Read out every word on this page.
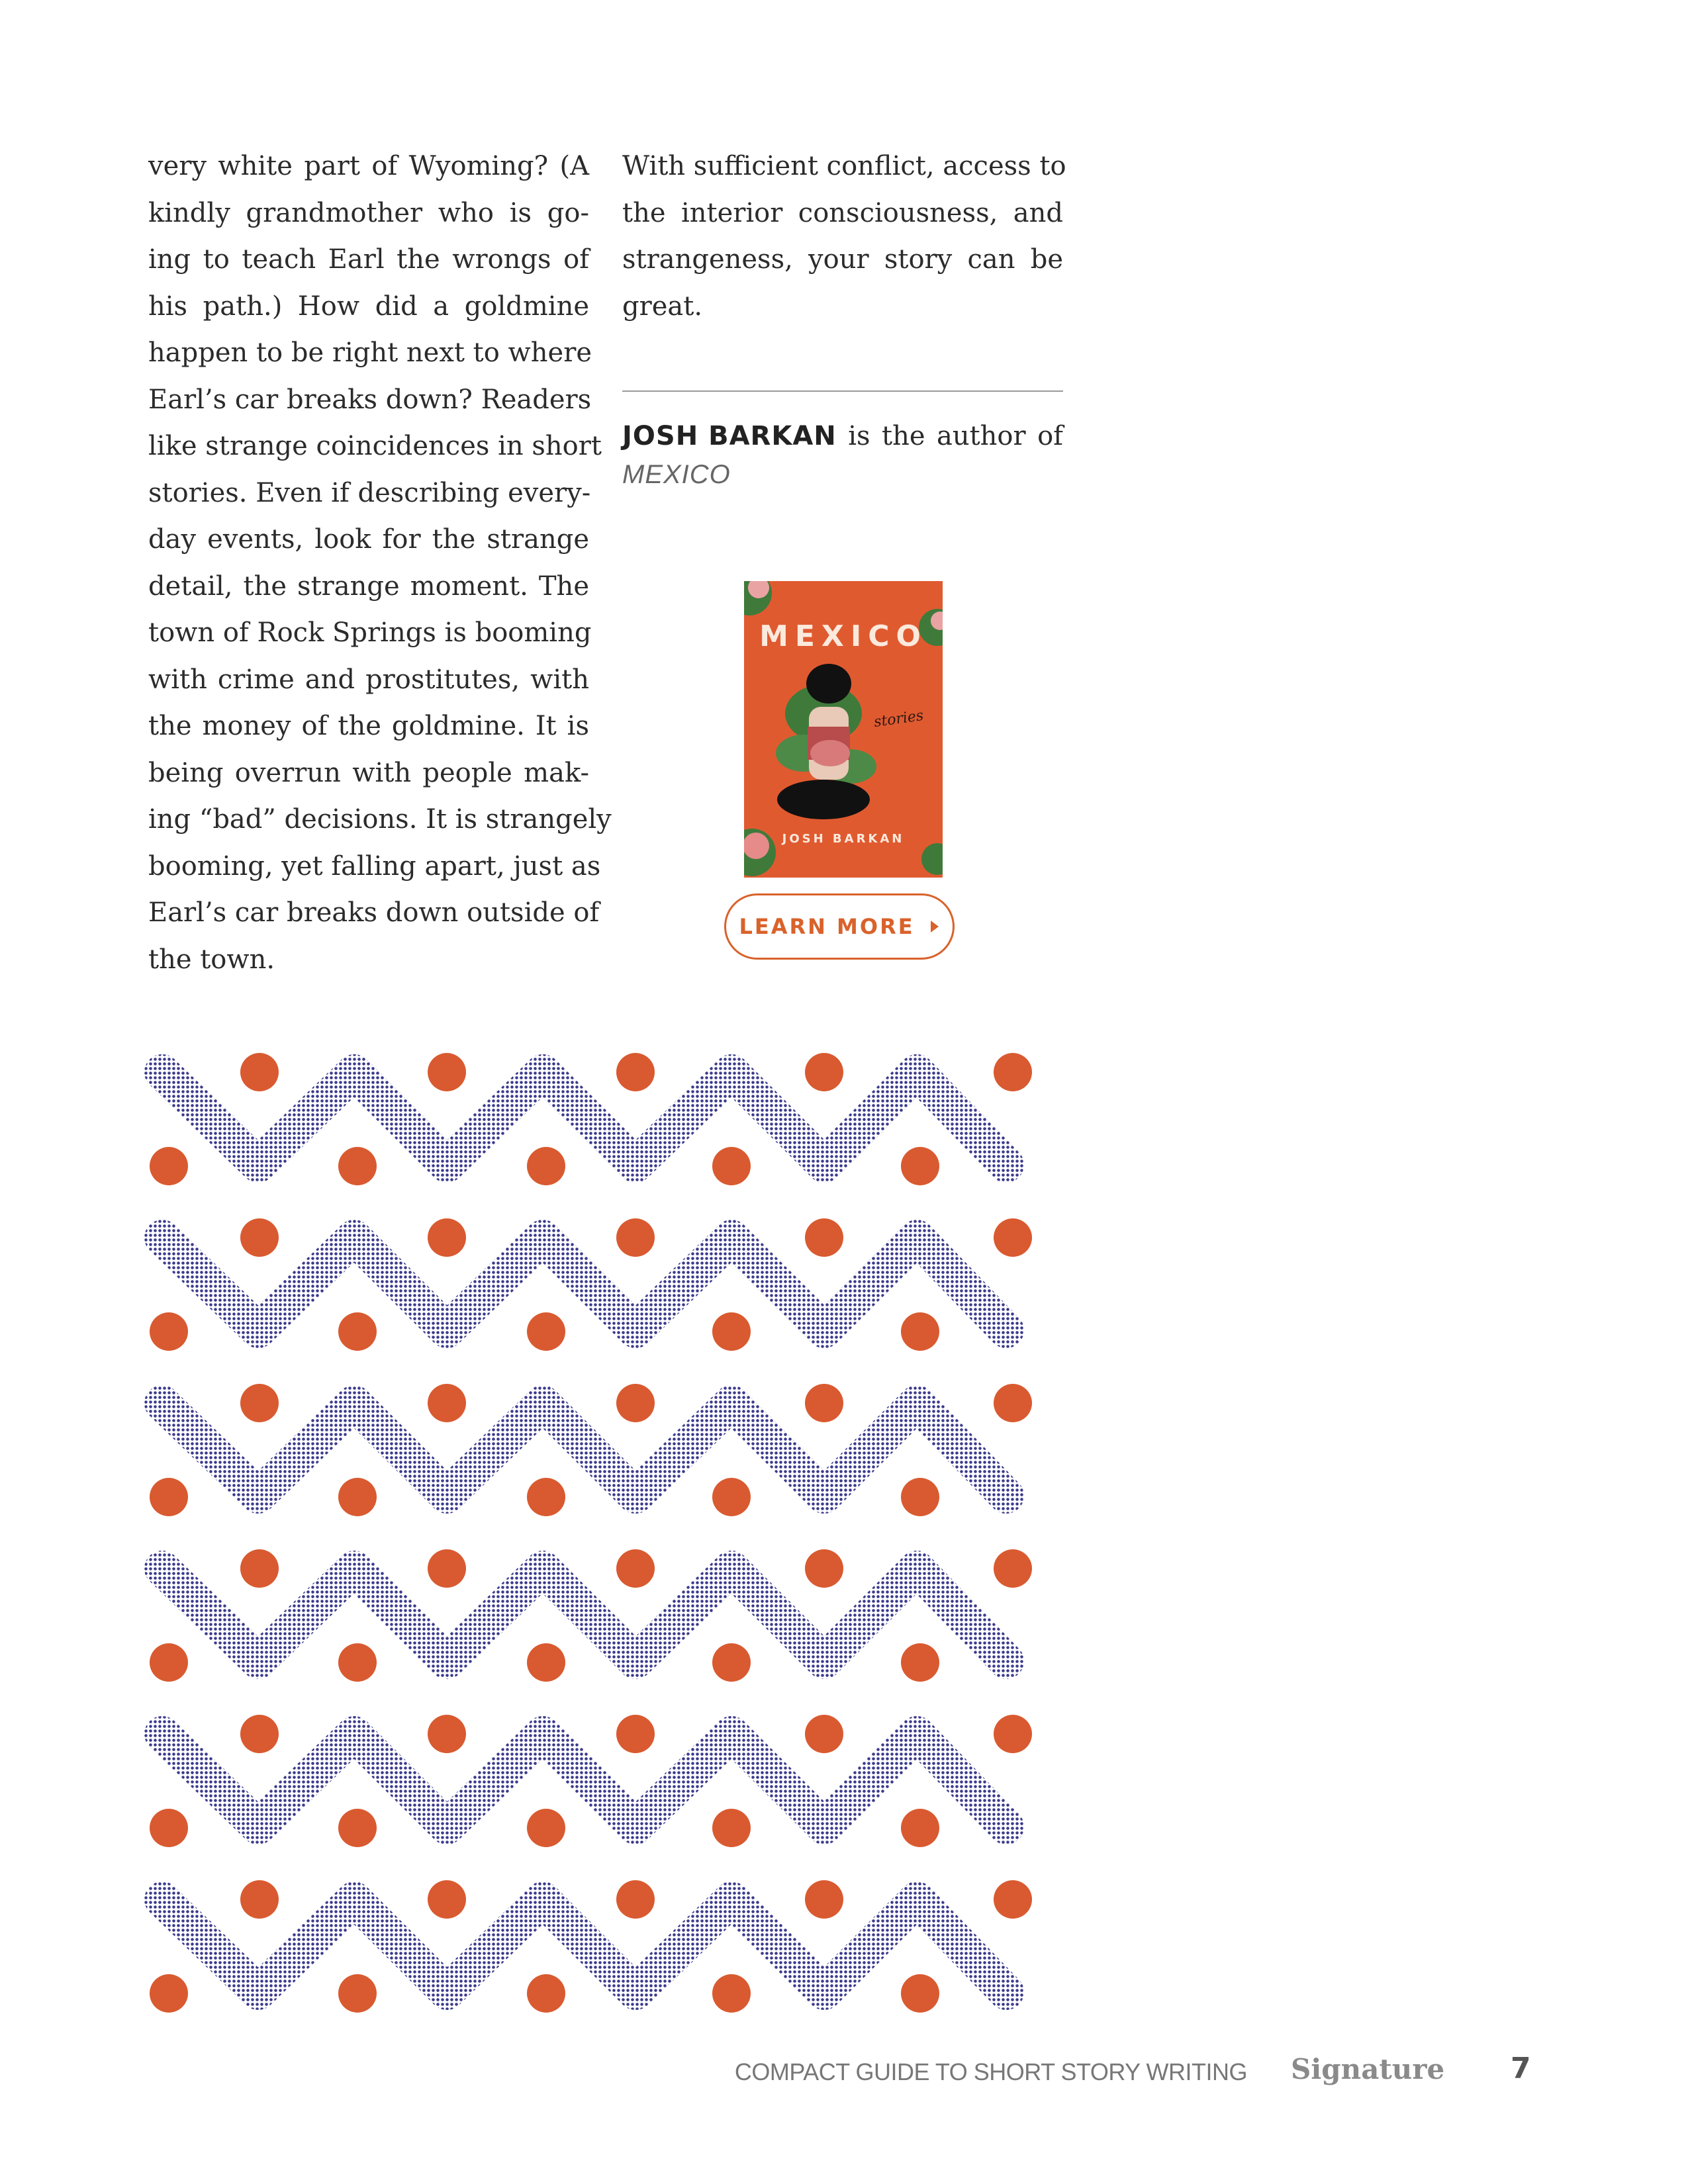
very white part of Wyoming? (A
kindly grandmother who is go-
ing to teach Earl the wrongs of
his path.) How did a goldmine
happen to be right next to where
Earl’s car breaks down? Readers
like strange coincidences in short
stories. Even if describing every-
day events, look for the strange
detail, the strange moment. The
town of Rock Springs is booming
with crime and prostitutes, with
the money of the goldmine. It is
being overrun with people mak-
ing “bad” decisions. It is strangely
booming, yet falling apart, just as
Earl’s car breaks down outside of
the town.
With sufficient conflict, access to
the interior consciousness, and
strangeness, your story can be
great.
JOSH BARKAN is the author of
MEXICO
MEXICO
stories
JOSH BARKAN
LEARN MORE
COMPACT GUIDE TO SHORT STORY WRITING Signature 7
